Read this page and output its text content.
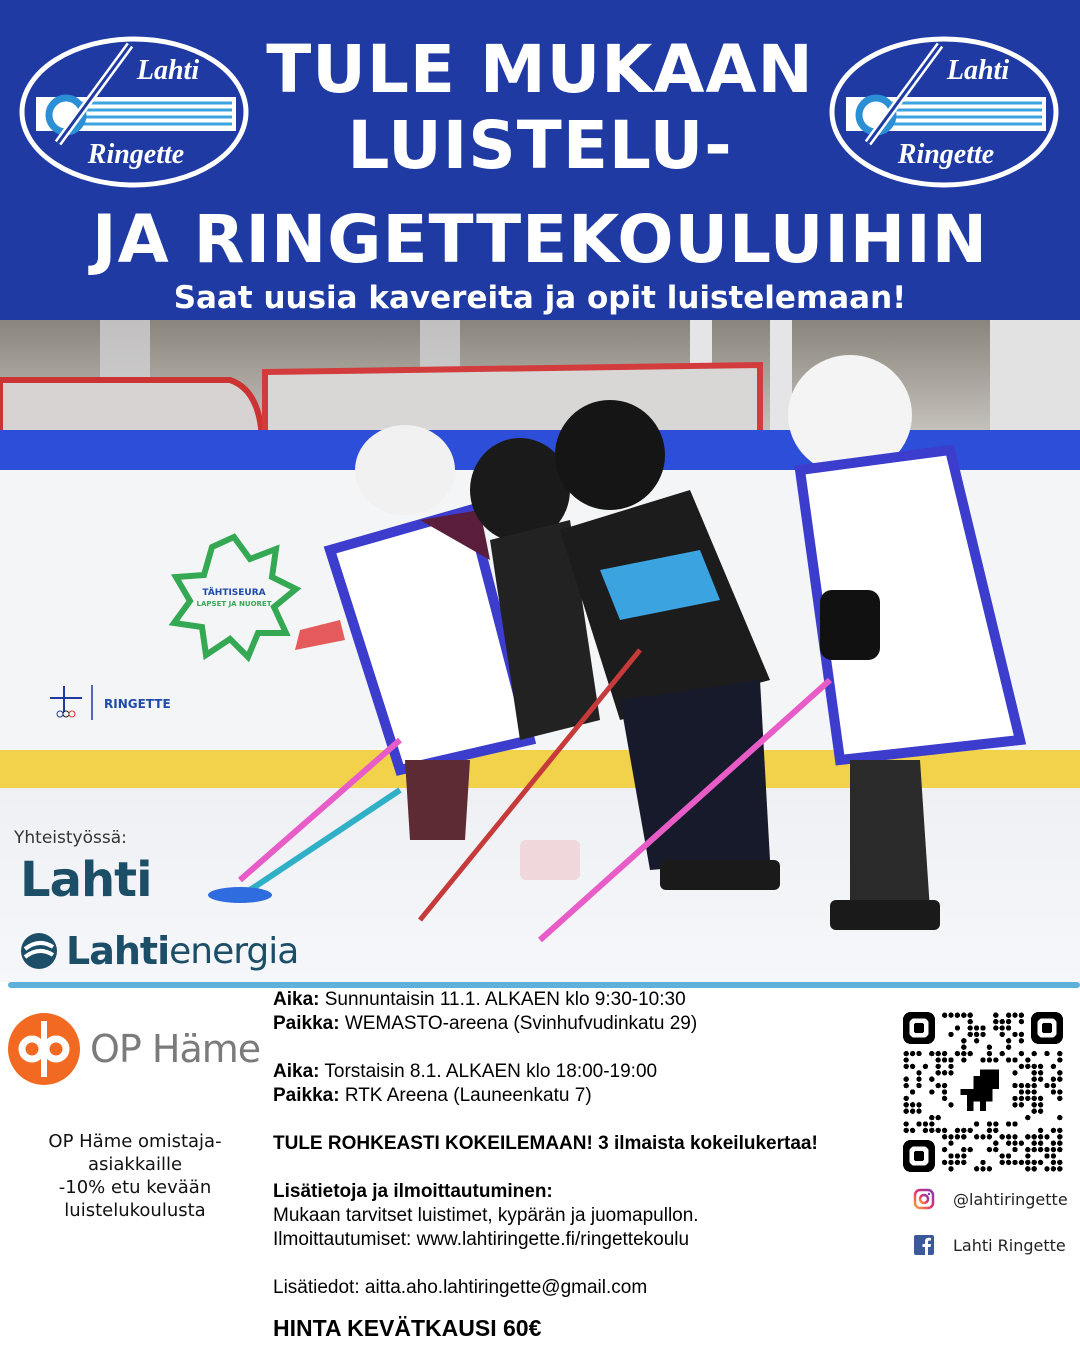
Lahti
Ringette
Lahti
Ringette
TULE MUKAAN
LUISTELU-
JA RINGETTEKOULUIHIN
Saat uusia kavereita ja opit luistelemaan!
TÄHTISEURA
LAPSET JA NUORET
RINGETTE
Yhteistyössä:
Lahti
Lahti energia
OP Häme
OP Häme omistaja-
asiakkaille
-10% etu kevään
luistelukoulusta
Aika: Sunnuntaisin 11.1. ALKAEN klo 9:30-10:30
Paikka: WEMASTO-areena (Svinhufvudinkatu 29)
Aika: Torstaisin 8.1. ALKAEN klo 18:00-19:00
Paikka: RTK Areena (Launeenkatu 7)
TULE ROHKEASTI KOKEILEMAAN! 3 ilmaista kokeilukertaa!
Lisätietoja ja ilmoittautuminen:
Mukaan tarvitset luistimet, kypärän ja juomapullon.
Ilmoittautumiset: www.lahtiringette.fi/ringettekoulu
Lisätiedot: aitta.aho.lahtiringette@gmail.com
HINTA KEVÄTKAUSI 60€
@lahtiringette
Lahti Ringette
